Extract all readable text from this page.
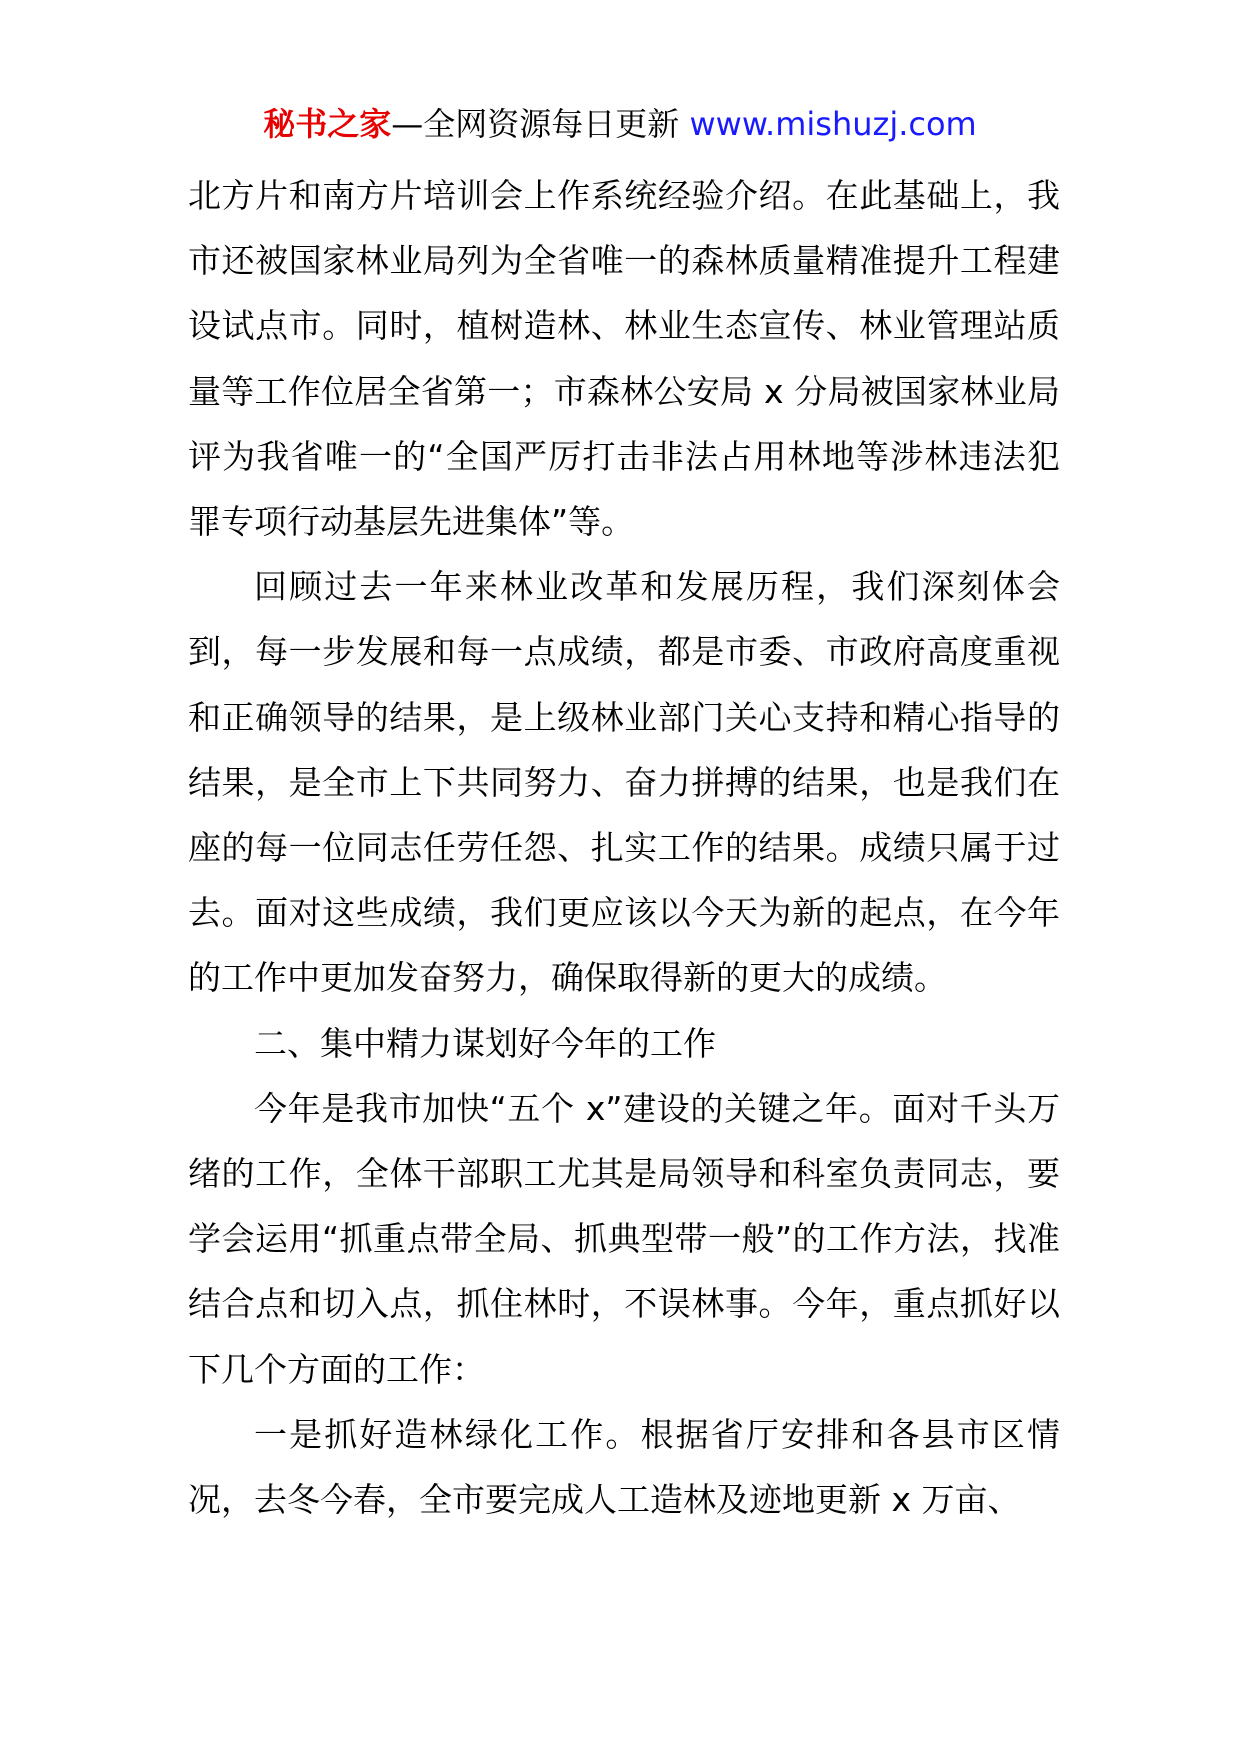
秘书之家—全网资源每日更新 www.mishuzj.com

北方片和南方片培训会上作系统经验介绍。在此基础上，我市还被国家林业局列为全省唯一的森林质量精准提升工程建设试点市。同时，植树造林、林业生态宣传、林业管理站质量等工作位居全省第一；市森林公安局 x 分局被国家林业局评为我省唯一的“全国严厉打击非法占用林地等涉林违法犯罪专项行动基层先进集体”等。

回顾过去一年来林业改革和发展历程，我们深刻体会到，每一步发展和每一点成绩，都是市委、市政府高度重视和正确领导的结果，是上级林业部门关心支持和精心指导的结果，是全市上下共同努力、奋力拼搏的结果，也是我们在座的每一位同志任劳任怨、扎实工作的结果。成绩只属于过去。面对这些成绩，我们更应该以今天为新的起点，在今年的工作中更加发奋努力，确保取得新的更大的成绩。

二、集中精力谋划好今年的工作

今年是我市加快“五个 x”建设的关键之年。面对千头万绪的工作，全体干部职工尤其是局领导和科室负责同志，要学会运用“抓重点带全局、抓典型带一般”的工作方法，找准结合点和切入点，抓住林时，不误林事。今年，重点抓好以下几个方面的工作：

一是抓好造林绿化工作。根据省厅安排和各县市区情况，去冬今春，全市要完成人工造林及迹地更新 x 万亩、
